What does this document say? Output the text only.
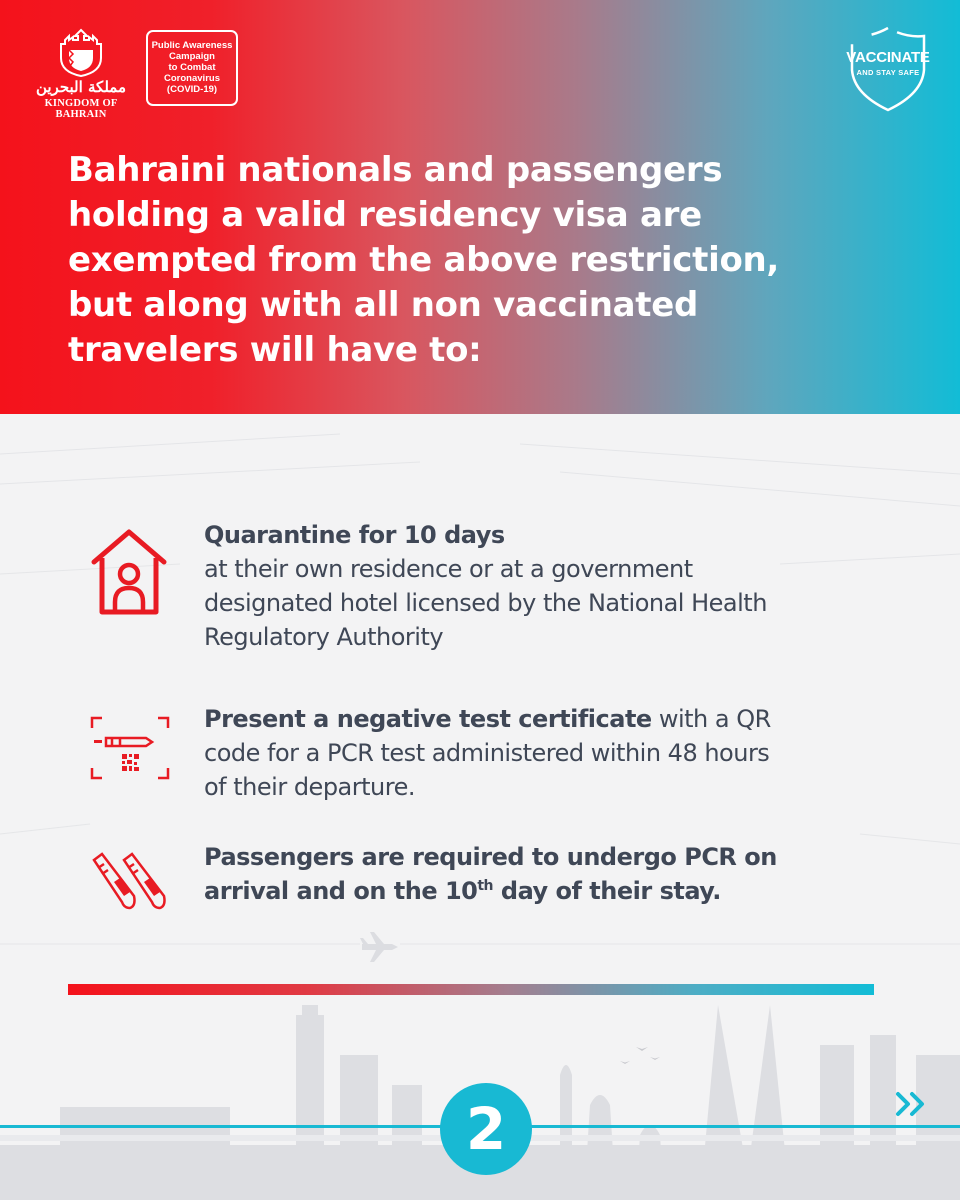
مملكة البحرين
KINGDOM OF BAHRAIN
Public Awareness
Campaign
to Combat
Coronavirus
(COVID-19)
VACCINATE
AND STAY SAFE
Bahraini nationals and passengers
holding a valid residency visa are
exempted from the above restriction,
but along with all non vaccinated
travelers will have to:
Quarantine for 10 days
at their own residence or at a government
designated hotel licensed by the National Health
Regulatory Authority
Present a negative test certificate with a QR
code for a PCR test administered within 48 hours
of their departure.
Passengers are required to undergo PCR on
arrival and on the 10th day of their stay.
2
